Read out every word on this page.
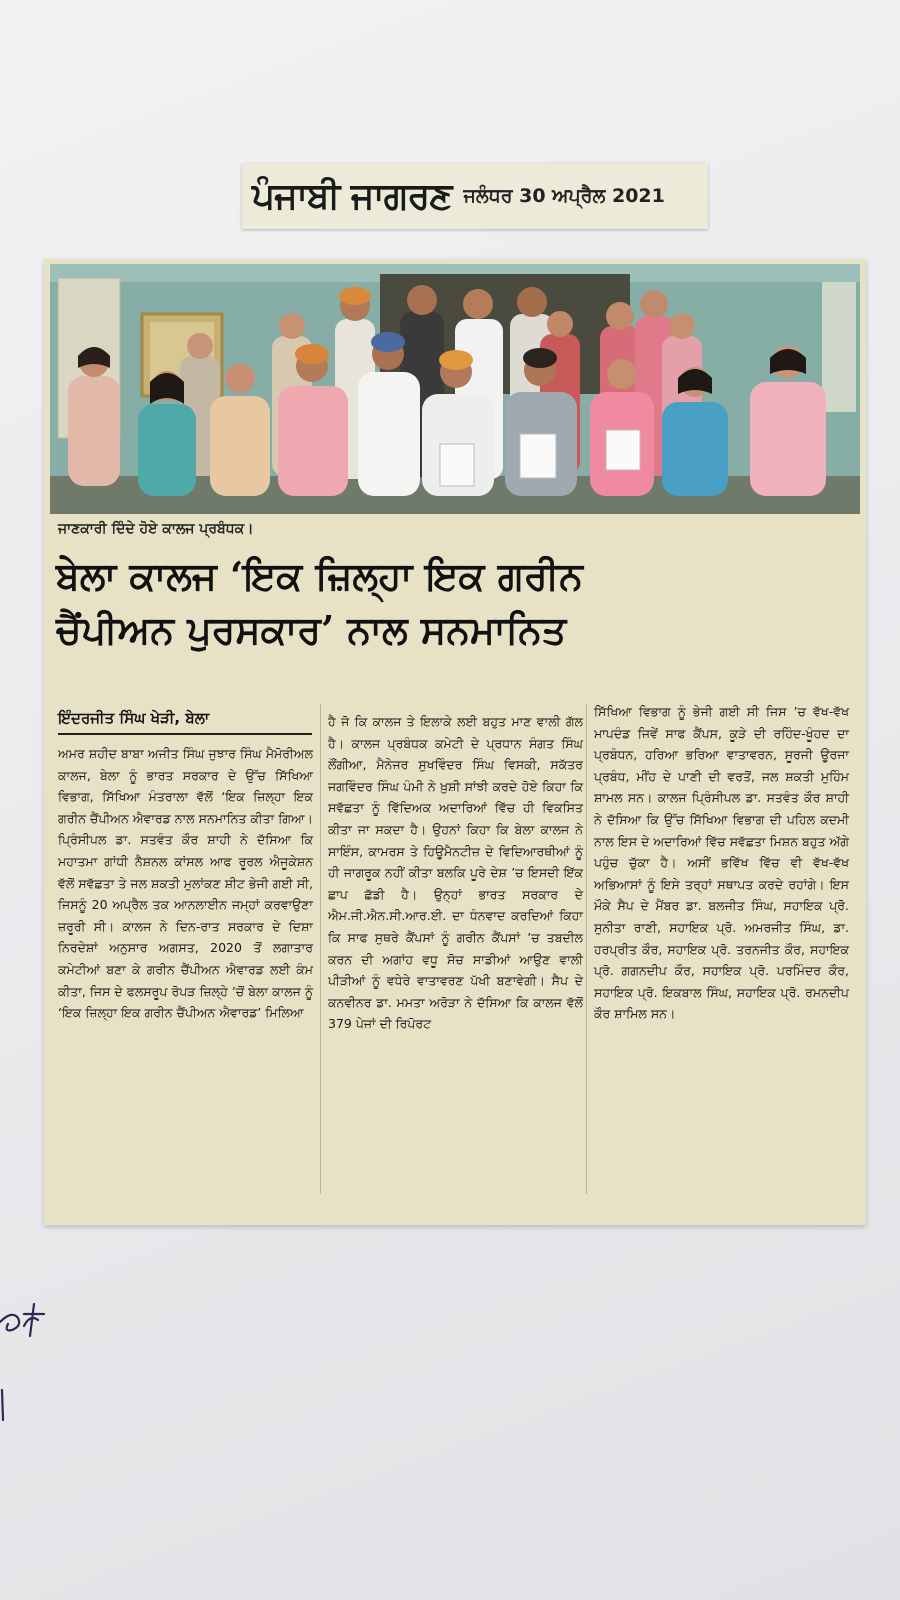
ਪੰਜਾਬੀ ਜਾਗਰਣ ਜਲੰਧਰ 30 ਅਪ੍ਰੈਲ 2021
ਜਾਣਕਾਰੀ ਦਿੰਦੇ ਹੋਏ ਕਾਲਜ ਪ੍ਰਬੰਧਕ।
ਬੇਲਾ ਕਾਲਜ ‘ਇਕ ਜ਼ਿਲ੍ਹਾ ਇਕ ਗਰੀਨ
ਚੈਂਪੀਅਨ ਪੁਰਸਕਾਰ’ ਨਾਲ ਸਨਮਾਨਿਤ
ਇੰਦਰਜੀਤ ਸਿੰਘ ਖੇੜੀ, ਬੇਲਾ
ਅਮਰ ਸ਼ਹੀਦ ਬਾਬਾ ਅਜੀਤ ਸਿੰਘ ਜੁਝਾਰ ਸਿੰਘ ਮੈਮੋਰੀਅਲ ਕਾਲਜ, ਬੇਲਾ ਨੂੰ ਭਾਰਤ ਸਰਕਾਰ ਦੇ ਉੱਚ ਸਿੱਖਿਆ ਵਿਭਾਗ, ਸਿੱਖਿਆ ਮੰਤਰਾਲਾ ਵੱਲੋਂ ‘ਇਕ ਜ਼ਿਲ੍ਹਾ ਇਕ ਗਰੀਨ ਚੈਂਪੀਅਨ ਐਵਾਰਡ ਨਾਲ ਸਨਮਾਨਿਤ ਕੀਤਾ ਗਿਆ। ਪ੍ਰਿੰਸੀਪਲ ਡਾ. ਸਤਵੰਤ ਕੌਰ ਸ਼ਾਹੀ ਨੇ ਦੱਸਿਆ ਕਿ ਮਹਾਤਮਾ ਗਾਂਧੀ ਨੈਸ਼ਨਲ ਕਾਂਸਲ ਆਫ ਰੂਰਲ ਐਜੂਕੇਸ਼ਨ ਵੱਲੋਂ ਸਵੱਛਤਾ ਤੇ ਜਲ ਸ਼ਕਤੀ ਮੁਲਾਂਕਣ ਸ਼ੀਟ ਭੇਜੀ ਗਈ ਸੀ, ਜਿਸਨੂੰ 20 ਅਪ੍ਰੈਲ ਤਕ ਆਨਲਾਈਨ ਜਮ੍ਹਾਂ ਕਰਵਾਉਣਾ ਜ਼ਰੂਰੀ ਸੀ। ਕਾਲਜ ਨੇ ਦਿਨ-ਰਾਤ ਸਰਕਾਰ ਦੇ ਦਿਸ਼ਾ ਨਿਰਦੇਸ਼ਾਂ ਅਨੁਸਾਰ ਅਗਸਤ, 2020 ਤੋਂ ਲਗਾਤਾਰ ਕਮੇਟੀਆਂ ਬਣਾ ਕੇ ਗਰੀਨ ਚੈਂਪੀਅਨ ਐਵਾਰਡ ਲਈ ਕੰਮ ਕੀਤਾ, ਜਿਸ ਦੇ ਫਲਸਰੂਪ ਰੋਪੜ ਜ਼ਿਲ੍ਹੇ ’ਚੋਂ ਬੇਲਾ ਕਾਲਜ ਨੂੰ ‘ਇਕ ਜ਼ਿਲ੍ਹਾ ਇਕ ਗਰੀਨ ਚੈਂਪੀਅਨ ਐਵਾਰਡ’ ਮਿਲਿਆ
ਹੈ ਜੋ ਕਿ ਕਾਲਜ ਤੇ ਇਲਾਕੇ ਲਈ ਬਹੁਤ ਮਾਣ ਵਾਲੀ ਗੱਲ ਹੈ। ਕਾਲਜ ਪ੍ਰਬੰਧਕ ਕਮੇਟੀ ਦੇ ਪ੍ਰਧਾਨ ਸੰਗਤ ਸਿੰਘ ਲੌਂਗੀਆ, ਮੈਨੇਜਰ ਸੁਖਵਿੰਦਰ ਸਿੰਘ ਵਿਸਕੀ, ਸਕੱਤਰ ਜਗਵਿੰਦਰ ਸਿੰਘ ਪੰਮੀ ਨੇ ਖ਼ੁਸ਼ੀ ਸਾਂਝੀ ਕਰਦੇ ਹੋਏ ਕਿਹਾ ਕਿ ਸਵੱਛਤਾ ਨੂੰ ਵਿੱਦਿਅਕ ਅਦਾਰਿਆਂ ਵਿੱਚ ਹੀ ਵਿਕਸਿਤ ਕੀਤਾ ਜਾ ਸਕਦਾ ਹੈ। ਉਹਨਾਂ ਕਿਹਾ ਕਿ ਬੇਲਾ ਕਾਲਜ ਨੇ ਸਾਇੰਸ, ਕਾਮਰਸ ਤੇ ਹਿਊਮੈਨਟੀਜ਼ ਦੇ ਵਿਦਿਆਰਥੀਆਂ ਨੂੰ ਹੀ ਜਾਗਰੂਕ ਨਹੀਂ ਕੀਤਾ ਬਲਕਿ ਪੂਰੇ ਦੇਸ਼ ’ਚ ਇਸਦੀ ਇੱਕ ਛਾਪ ਛੱਡੀ ਹੈ। ਉਨ੍ਹਾਂ ਭਾਰਤ ਸਰਕਾਰ ਦੇ ਐਮ.ਜੀ.ਐਨ.ਸੀ.ਆਰ.ਈ. ਦਾ ਧੰਨਵਾਦ ਕਰਦਿਆਂ ਕਿਹਾ ਕਿ ਸਾਫ ਸੁਥਰੇ ਕੈਂਪਸਾਂ ਨੂੰ ਗਰੀਨ ਕੈਂਪਸਾਂ ’ਚ ਤਬਦੀਲ ਕਰਨ ਦੀ ਅਗਾਂਹ ਵਧੂ ਸੋਚ ਸਾਡੀਆਂ ਆਉਣ ਵਾਲੀ ਪੀੜੀਆਂ ਨੂੰ ਵਧੇਰੇ ਵਾਤਾਵਰਣ ਪੱਖੀ ਬਣਾਵੇਗੀ। ਸੈਪ ਦੇ ਕਨਵੀਨਰ ਡਾ. ਮਮਤਾ ਅਰੋੜਾ ਨੇ ਦੱਸਿਆ ਕਿ ਕਾਲਜ ਵੱਲੋਂ 379 ਪੇਜਾਂ ਦੀ ਰਿਪੋਰਟ
ਸਿੱਖਿਆ ਵਿਭਾਗ ਨੂੰ ਭੇਜੀ ਗਈ ਸੀ ਜਿਸ ’ਚ ਵੱਖ-ਵੱਖ ਮਾਪਦੰਡ ਜਿਵੇਂ ਸਾਫ ਕੈਂਪਸ, ਕੂੜੇ ਦੀ ਰਹਿੰਦ-ਖੂੰਹਦ ਦਾ ਪ੍ਰਬੰਧਨ, ਹਰਿਆ ਭਰਿਆ ਵਾਤਾਵਰਨ, ਸੂਰਜੀ ਊਰਜਾ ਪ੍ਰਬੰਧ, ਮੀਂਹ ਦੇ ਪਾਣੀ ਦੀ ਵਰਤੋਂ, ਜਲ ਸ਼ਕਤੀ ਮੁਹਿੰਮ ਸ਼ਾਮਲ ਸਨ। ਕਾਲਜ ਪ੍ਰਿੰਸੀਪਲ ਡਾ. ਸਤਵੰਤ ਕੌਰ ਸ਼ਾਹੀ ਨੇ ਦੱਸਿਆ ਕਿ ਉੱਚ ਸਿੱਖਿਆ ਵਿਭਾਗ ਦੀ ਪਹਿਲ ਕਦਮੀ ਨਾਲ ਇਸ ਦੇ ਅਦਾਰਿਆਂ ਵਿੱਚ ਸਵੱਛਤਾ ਮਿਸ਼ਨ ਬਹੁਤ ਅੱਗੇ ਪਹੁੰਚ ਚੁੱਕਾ ਹੈ। ਅਸੀਂ ਭਵਿੱਖ ਵਿੱਚ ਵੀ ਵੱਖ-ਵੱਖ ਅਭਿਆਸਾਂ ਨੂੰ ਇਸੇ ਤਰ੍ਹਾਂ ਸਥਾਪਤ ਕਰਦੇ ਰਹਾਂਗੇ। ਇਸ ਮੌਕੇ ਸੈਪ ਦੇ ਮੈਂਬਰ ਡਾ. ਬਲਜੀਤ ਸਿੰਘ, ਸਹਾਇਕ ਪ੍ਰੋ. ਸੁਨੀਤਾ ਰਾਣੀ, ਸਹਾਇਕ ਪ੍ਰੋ. ਅਮਰਜੀਤ ਸਿੰਘ, ਡਾ. ਹਰਪ੍ਰੀਤ ਕੌਰ, ਸਹਾਇਕ ਪ੍ਰੋ. ਤਰਨਜੀਤ ਕੌਰ, ਸਹਾਇਕ ਪ੍ਰੋ. ਗਗਨਦੀਪ ਕੌਰ, ਸਹਾਇਕ ਪ੍ਰੋ. ਪਰਮਿੰਦਰ ਕੌਰ, ਸਹਾਇਕ ਪ੍ਰੋ. ਇਕਬਾਲ ਸਿੰਘ, ਸਹਾਇਕ ਪ੍ਰੋ. ਰਮਨਦੀਪ ਕੌਰ ਸ਼ਾਮਿਲ ਸਨ।
